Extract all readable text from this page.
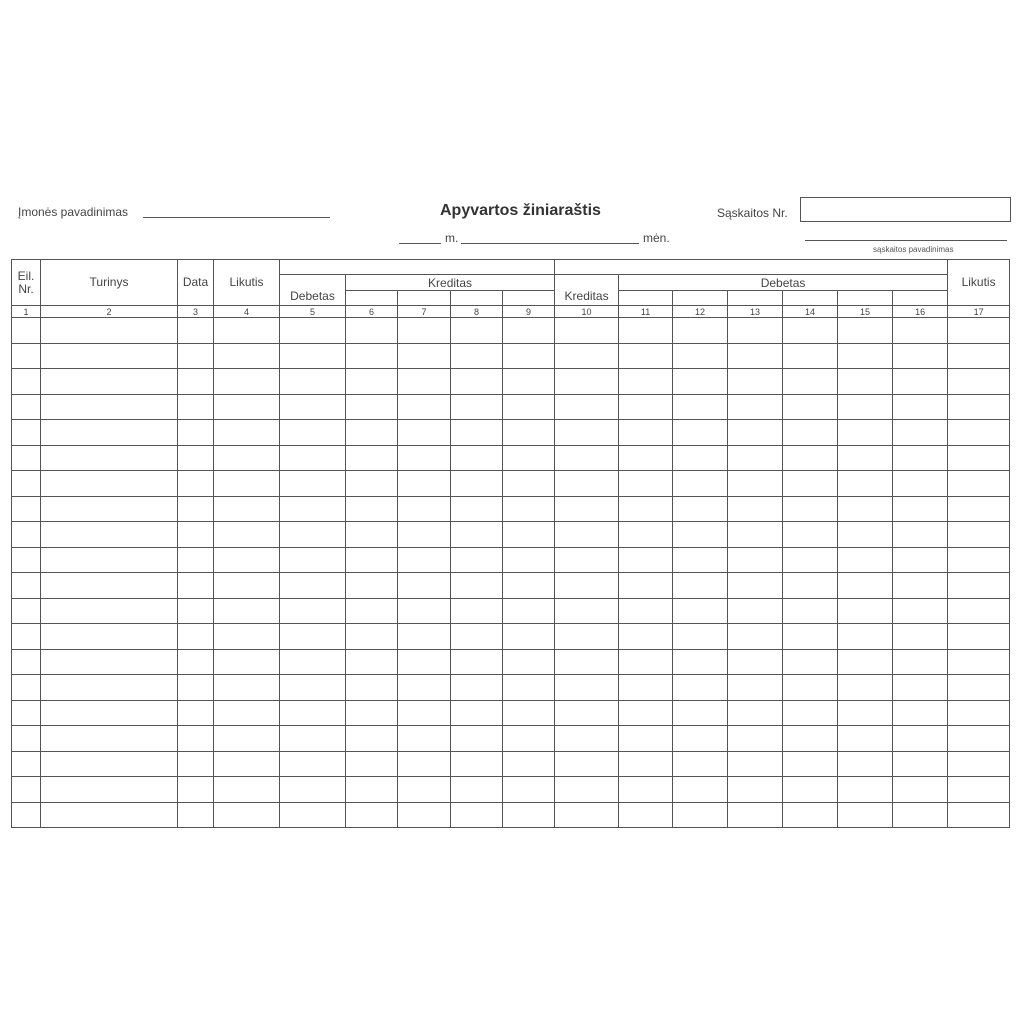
Įmonės pavadinimas	Apyvartos žiniaraštis	Sąskaitos Nr.
m.	mėn.
sąskaitos pavadinimas
Eil. Nr.	Turinys	Data	Likutis													Likutis
				Debetas	Kreditas				Kreditas	Debetas						

1	2	3	4	5	6	7	8	9	10	11	12	13	14	15	16	17
